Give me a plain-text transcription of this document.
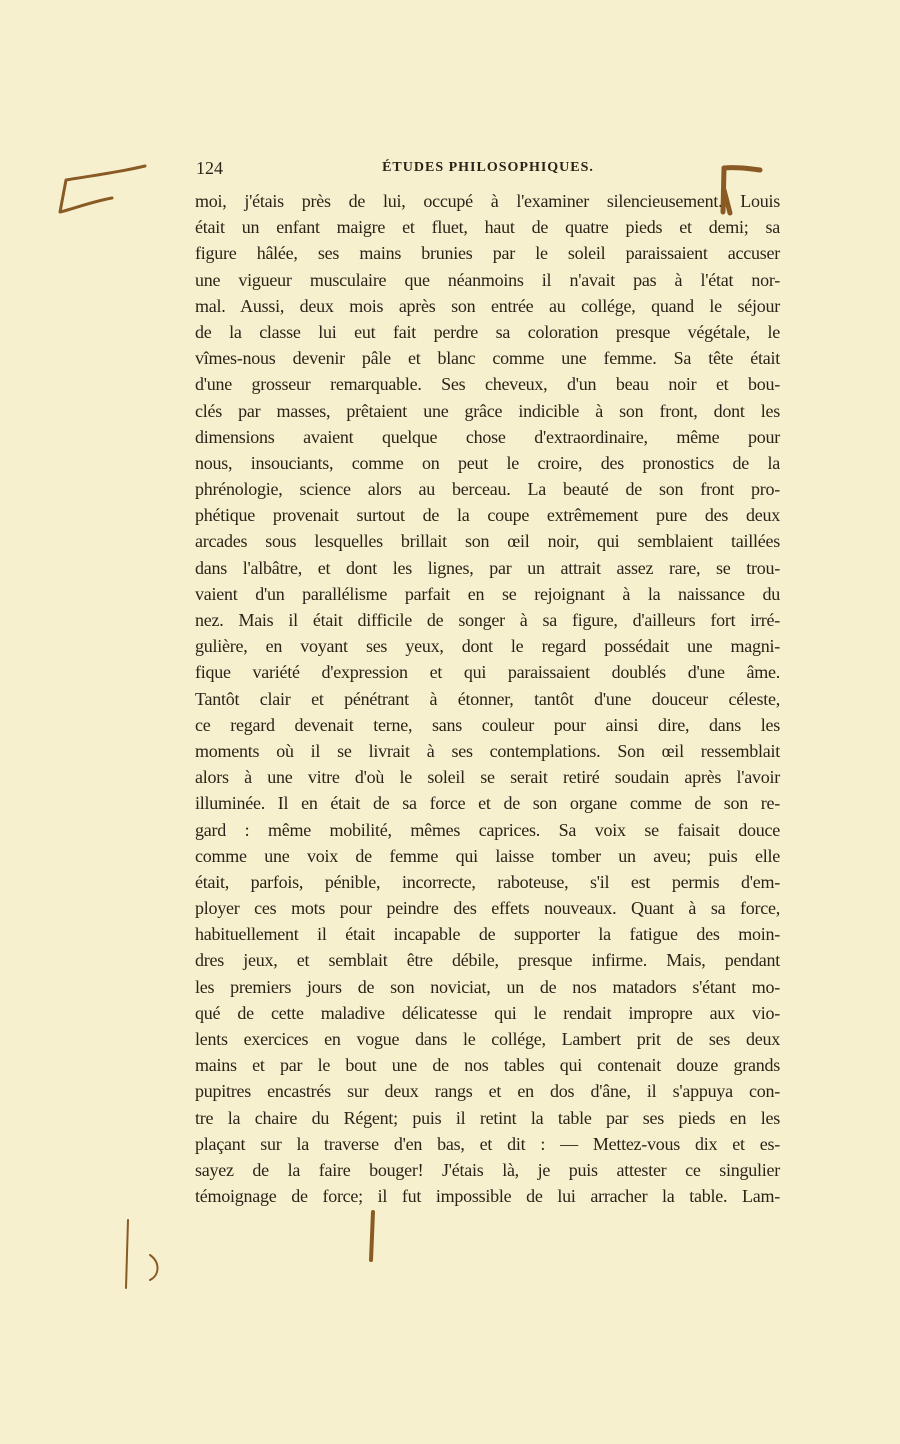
124	ÉTUDES PHILOSOPHIQUES.
moi, j'étais près de lui, occupé à l'examiner silencieusement. Louis
était un enfant maigre et fluet, haut de quatre pieds et demi; sa
figure hâlée, ses mains brunies par le soleil paraissaient accuser
une vigueur musculaire que néanmoins il n'avait pas à l'état nor-
mal. Aussi, deux mois après son entrée au collége, quand le séjour
de la classe lui eut fait perdre sa coloration presque végétale, le
vîmes-nous devenir pâle et blanc comme une femme. Sa tête était
d'une grosseur remarquable. Ses cheveux, d'un beau noir et bou-
clés par masses, prêtaient une grâce indicible à son front, dont les
dimensions avaient quelque chose d'extraordinaire, même pour
nous, insouciants, comme on peut le croire, des pronostics de la
phrénologie, science alors au berceau. La beauté de son front pro-
phétique provenait surtout de la coupe extrêmement pure des deux
arcades sous lesquelles brillait son œil noir, qui semblaient taillées
dans l'albâtre, et dont les lignes, par un attrait assez rare, se trou-
vaient d'un parallélisme parfait en se rejoignant à la naissance du
nez. Mais il était difficile de songer à sa figure, d'ailleurs fort irré-
gulière, en voyant ses yeux, dont le regard possédait une magni-
fique variété d'expression et qui paraissaient doublés d'une âme.
Tantôt clair et pénétrant à étonner, tantôt d'une douceur céleste,
ce regard devenait terne, sans couleur pour ainsi dire, dans les
moments où il se livrait à ses contemplations. Son œil ressemblait
alors à une vitre d'où le soleil se serait retiré soudain après l'avoir
illuminée. Il en était de sa force et de son organe comme de son re-
gard : même mobilité, mêmes caprices. Sa voix se faisait douce
comme une voix de femme qui laisse tomber un aveu; puis elle
était, parfois, pénible, incorrecte, raboteuse, s'il est permis d'em-
ployer ces mots pour peindre des effets nouveaux. Quant à sa force,
habituellement il était incapable de supporter la fatigue des moin-
dres jeux, et semblait être débile, presque infirme. Mais, pendant
les premiers jours de son noviciat, un de nos matadors s'étant mo-
qué de cette maladive délicatesse qui le rendait impropre aux vio-
lents exercices en vogue dans le collége, Lambert prit de ses deux
mains et par le bout une de nos tables qui contenait douze grands
pupitres encastrés sur deux rangs et en dos d'âne, il s'appuya con-
tre la chaire du Régent; puis il retint la table par ses pieds en les
plaçant sur la traverse d'en bas, et dit : — Mettez-vous dix et es-
sayez de la faire bouger! J'étais là, je puis attester ce singulier
témoignage de force; il fut impossible de lui arracher la table. Lam-
